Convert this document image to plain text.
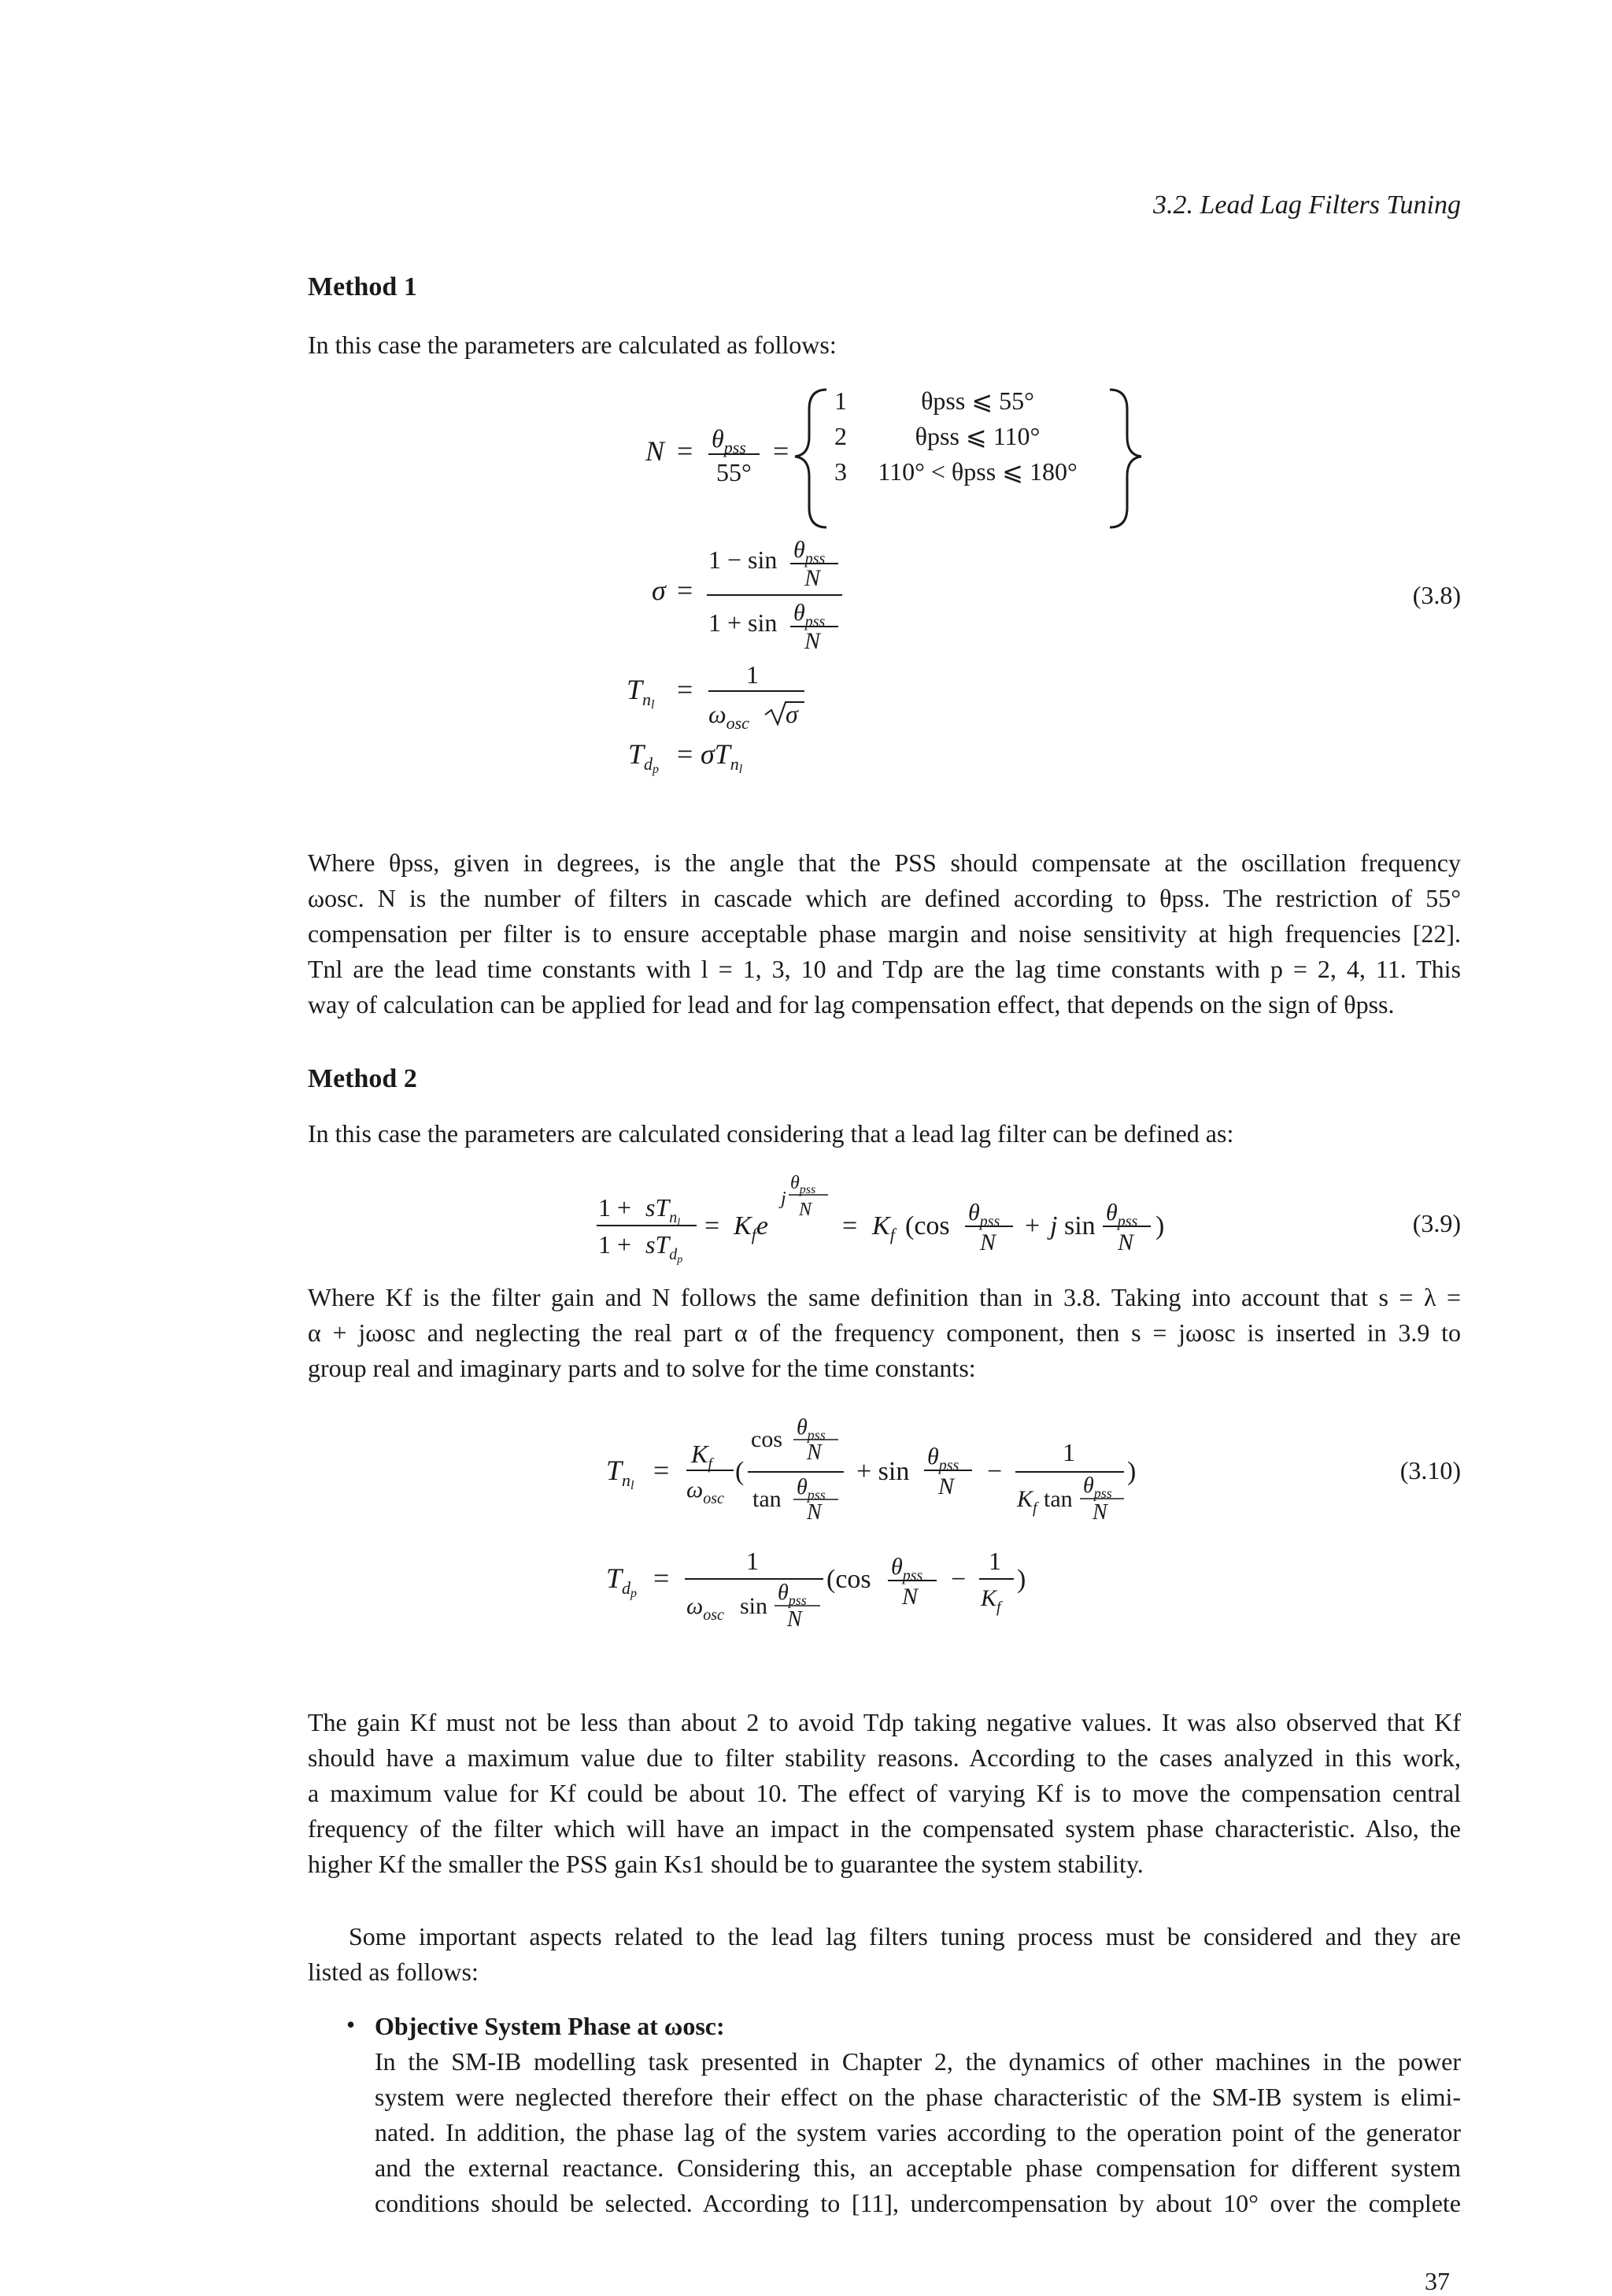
3.2. Lead Lag Filters Tuning
Method 1
In this case the parameters are calculated as follows:
$N = \theta_{pss}$
55°
=
1
2
3
θpss ⩽ 55°
θpss ⩽ 110°
110° < θpss ⩽ 180°
σ =
$1 - \sin \theta_{pss}$
N
$1 + \sin \theta_{pss}$
N
$T_{nl} = 1$
$\omega_{osc}$ σ
$T_{dp} = \sigma T_{nl}$
(3.8)
Where θpss, given in degrees, is the angle that the PSS should compensate at the oscillation frequency
ωosc. N is the number of filters in cascade which are defined according to θpss. The restriction of 55°
compensation per filter is to ensure acceptable phase margin and noise sensitivity at high frequencies [22].
Tnl are the lead time constants with l = 1, 3, 10 and Tdp are the lag time constants with p = 2, 4, 11. This
way of calculation can be applied for lead and for lag compensation effect, that depends on the sign of θpss.
Method 2
In this case the parameters are calculated considering that a lead lag filter can be defined as:
$1 + sT_{n_l}$
$1 + sT_{d_p}$
= $K_fe$
j
$\theta_{pss}$
N
= $K_f$ (cos $\theta_{pss}$
N
+ j $\sin \theta_{pss}$
N
)	(3.9)
Where Kf is the filter gain and N follows the same definition than in 3.8. Taking into account that s = λ =
α + jωosc and neglecting the real part α of the frequency component, then s = jωosc is inserted in 3.9 to
group real and imaginary parts and to solve for the time constants:
$T_{nl}$ =
$K_f$
$\omega_{osc}$
(
$\cos \theta_{pss}$
N
$\tan \theta_{pss}$
N
+ sin
$\theta_{pss}$
N
−
1
$K_f$ tan
$\theta_{pss}$
N
)
$T_{dp}$ =
1
$\omega_{osc}$ sin
$\theta_{pss}$
N
(cos $\theta_{pss}$
N
−
1
$K_f$
)
(3.10)
The gain Kf must not be less than about 2 to avoid Tdp taking negative values. It was also observed that Kf
should have a maximum value due to filter stability reasons. According to the cases analyzed in this work,
a maximum value for Kf could be about 10. The effect of varying Kf is to move the compensation central
frequency of the filter which will have an impact in the compensated system phase characteristic. Also, the
higher Kf the smaller the PSS gain Ks1 should be to guarantee the system stability.
Some important aspects related to the lead lag filters tuning process must be considered and they are
listed as follows:
• Objective System Phase at ωosc:
In the SM-IB modelling task presented in Chapter 2, the dynamics of other machines in the power
system were neglected therefore their effect on the phase characteristic of the SM-IB system is elimi-
nated. In addition, the phase lag of the system varies according to the operation point of the generator
and the external reactance. Considering this, an acceptable phase compensation for different system
conditions should be selected. According to [11], undercompensation by about 10° over the complete
37
